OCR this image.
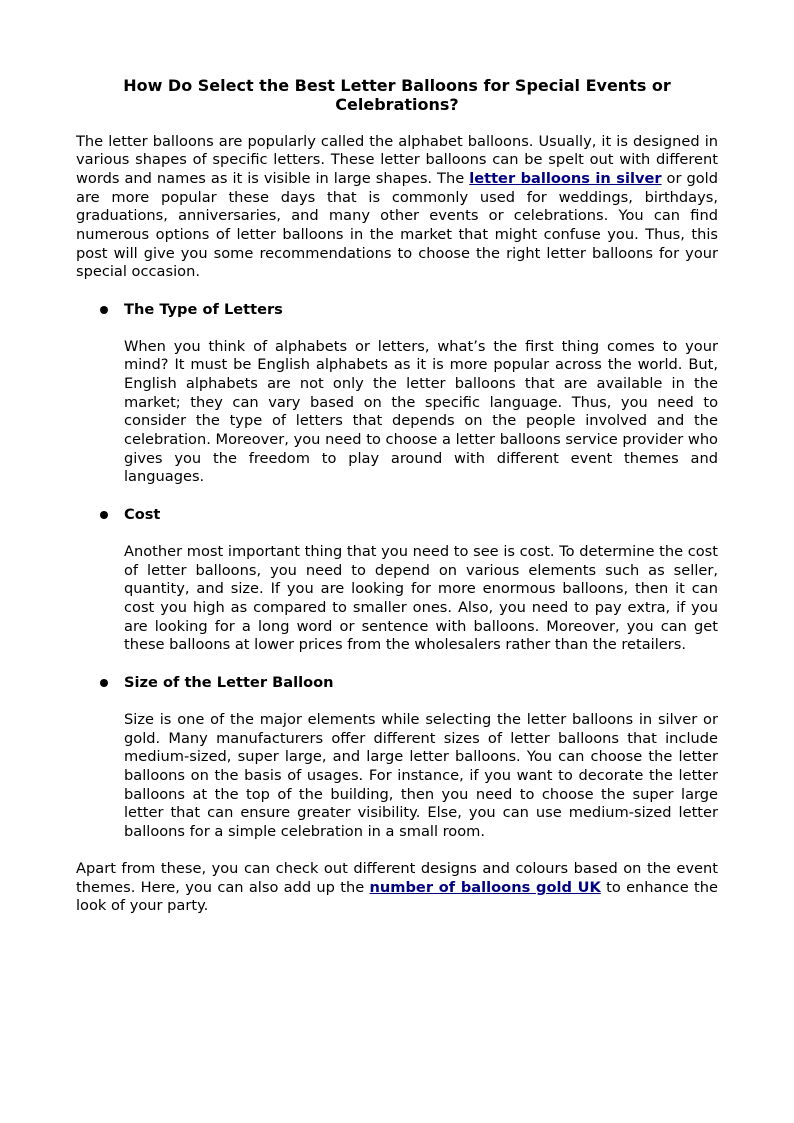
How Do Select the Best Letter Balloons for Special Events or Celebrations?

The letter balloons are popularly called the alphabet balloons. Usually, it is designed in various shapes of specific letters. These letter balloons can be spelt out with different words and names as it is visible in large shapes. The letter balloons in silver or gold are more popular these days that is commonly used for weddings, birthdays, graduations, anniversaries, and many other events or celebrations. You can find numerous options of letter balloons in the market that might confuse you. Thus, this post will give you some recommendations to choose the right letter balloons for your special occasion.

The Type of Letters

When you think of alphabets or letters, what’s the first thing comes to your mind? It must be English alphabets as it is more popular across the world. But, English alphabets are not only the letter balloons that are available in the market; they can vary based on the specific language. Thus, you need to consider the type of letters that depends on the people involved and the celebration. Moreover, you need to choose a letter balloons service provider who gives you the freedom to play around with different event themes and languages.

Cost

Another most important thing that you need to see is cost. To determine the cost of letter balloons, you need to depend on various elements such as seller, quantity, and size. If you are looking for more enormous balloons, then it can cost you high as compared to smaller ones. Also, you need to pay extra, if you are looking for a long word or sentence with balloons. Moreover, you can get these balloons at lower prices from the wholesalers rather than the retailers.

Size of the Letter Balloon

Size is one of the major elements while selecting the letter balloons in silver or gold. Many manufacturers offer different sizes of letter balloons that include medium-sized, super large, and large letter balloons. You can choose the letter balloons on the basis of usages. For instance, if you want to decorate the letter balloons at the top of the building, then you need to choose the super large letter that can ensure greater visibility. Else, you can use medium-sized letter balloons for a simple celebration in a small room.

Apart from these, you can check out different designs and colours based on the event themes. Here, you can also add up the number of balloons gold UK to enhance the look of your party.
